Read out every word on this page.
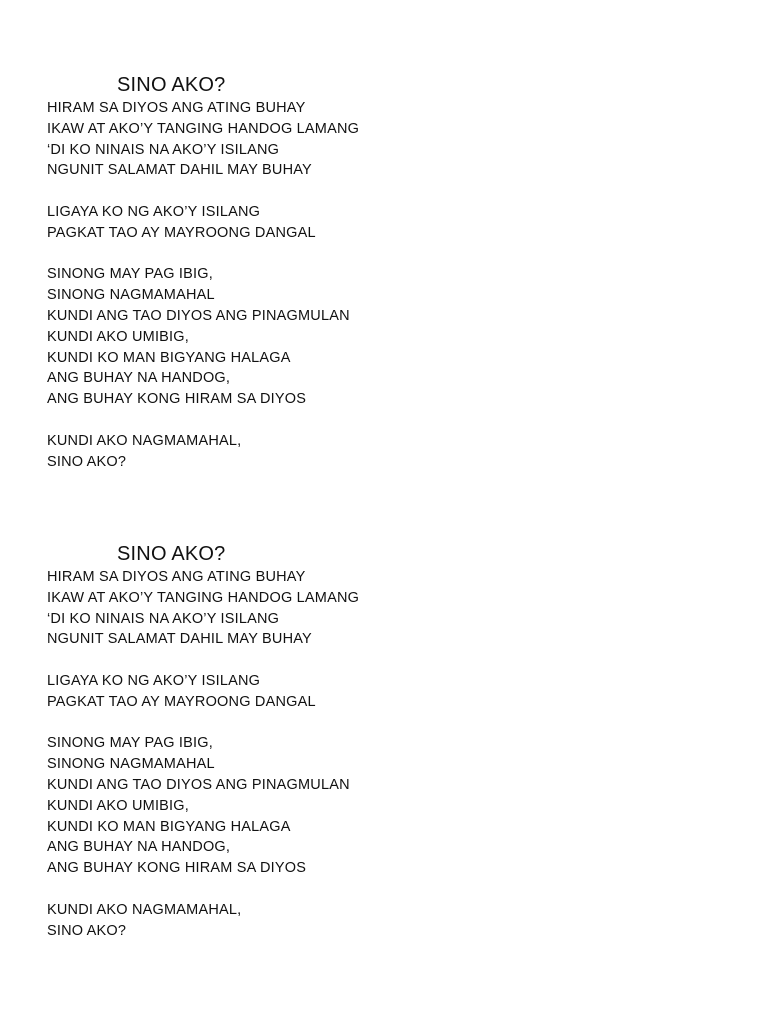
SINO AKO?
HIRAM SA DIYOS ANG ATING BUHAY
IKAW AT AKO’Y TANGING HANDOG LAMANG
‘DI KO NINAIS NA AKO’Y ISILANG
NGUNIT SALAMAT DAHIL MAY BUHAY
LIGAYA KO NG AKO’Y ISILANG
PAGKAT TAO AY MAYROONG DANGAL
SINONG MAY PAG IBIG,
SINONG NAGMAMAHAL
KUNDI ANG TAO DIYOS ANG PINAGMULAN
KUNDI AKO UMIBIG,
KUNDI KO MAN BIGYANG HALAGA
ANG BUHAY NA HANDOG,
ANG BUHAY KONG HIRAM SA DIYOS
KUNDI AKO NAGMAMAHAL,
SINO AKO?
SINO AKO?
HIRAM SA DIYOS ANG ATING BUHAY
IKAW AT AKO’Y TANGING HANDOG LAMANG
‘DI KO NINAIS NA AKO’Y ISILANG
NGUNIT SALAMAT DAHIL MAY BUHAY
LIGAYA KO NG AKO’Y ISILANG
PAGKAT TAO AY MAYROONG DANGAL
SINONG MAY PAG IBIG,
SINONG NAGMAMAHAL
KUNDI ANG TAO DIYOS ANG PINAGMULAN
KUNDI AKO UMIBIG,
KUNDI KO MAN BIGYANG HALAGA
ANG BUHAY NA HANDOG,
ANG BUHAY KONG HIRAM SA DIYOS
KUNDI AKO NAGMAMAHAL,
SINO AKO?
